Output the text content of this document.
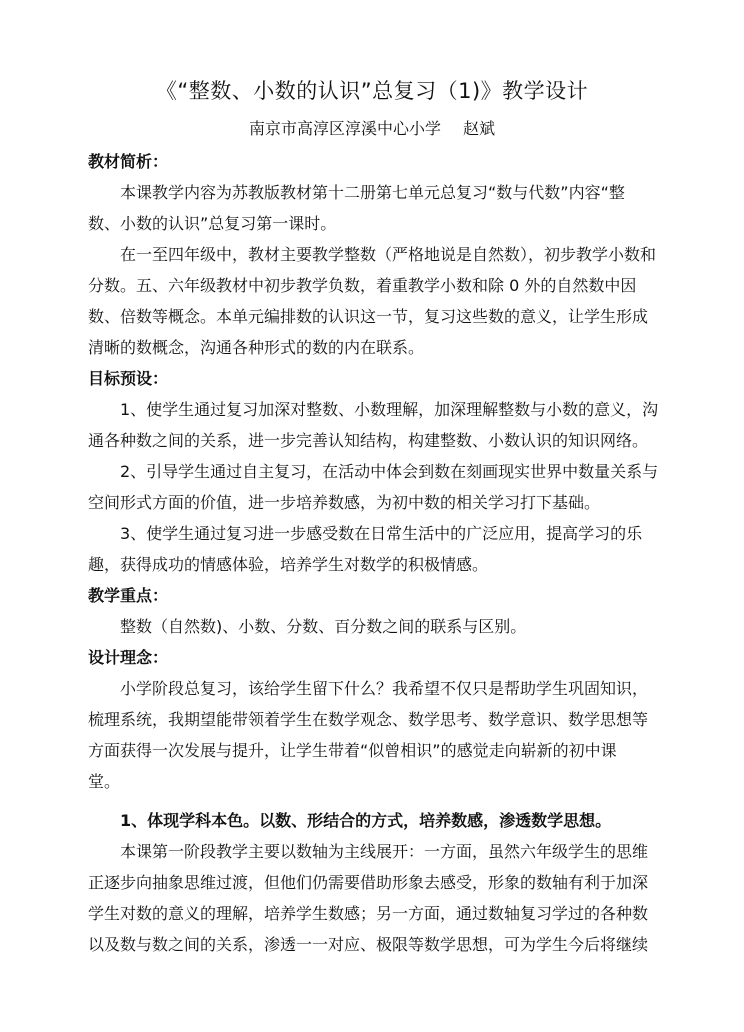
《“整数、小数的认识”总复习（1)》教学设计
南京市高淳区淳溪中心小学 赵斌
教材简析：
本课教学内容为苏教版教材第十二册第七单元总复习“数与代数”内容“整
数、小数的认识”总复习第一课时。
在一至四年级中，教材主要教学整数（严格地说是自然数），初步教学小数和
分数。五、六年级教材中初步教学负数，着重教学小数和除 0 外的自然数中因
数、倍数等概念。本单元编排数的认识这一节，复习这些数的意义，让学生形成
清晰的数概念，沟通各种形式的数的内在联系。
目标预设：
1、使学生通过复习加深对整数、小数理解，加深理解整数与小数的意义，沟
通各种数之间的关系，进一步完善认知结构，构建整数、小数认识的知识网络。
2、引导学生通过自主复习，在活动中体会到数在刻画现实世界中数量关系与
空间形式方面的价值，进一步培养数感，为初中数的相关学习打下基础。
3、使学生通过复习进一步感受数在日常生活中的广泛应用，提高学习的乐
趣，获得成功的情感体验，培养学生对数学的积极情感。
教学重点：
整数（自然数)、小数、分数、百分数之间的联系与区别。
设计理念：
小学阶段总复习，该给学生留下什么？我希望不仅只是帮助学生巩固知识，
梳理系统，我期望能带领着学生在数学观念、数学思考、数学意识、数学思想等
方面获得一次发展与提升，让学生带着“似曾相识”的感觉走向崭新的初中课
堂。
1、体现学科本色。以数、形结合的方式，培养数感，渗透数学思想。
本课第一阶段教学主要以数轴为主线展开：一方面，虽然六年级学生的思维
正逐步向抽象思维过渡，但他们仍需要借助形象去感受，形象的数轴有利于加深
学生对数的意义的理解，培养学生数感；另一方面，通过数轴复习学过的各种数
以及数与数之间的关系，渗透一一对应、极限等数学思想，可为学生今后将继续
